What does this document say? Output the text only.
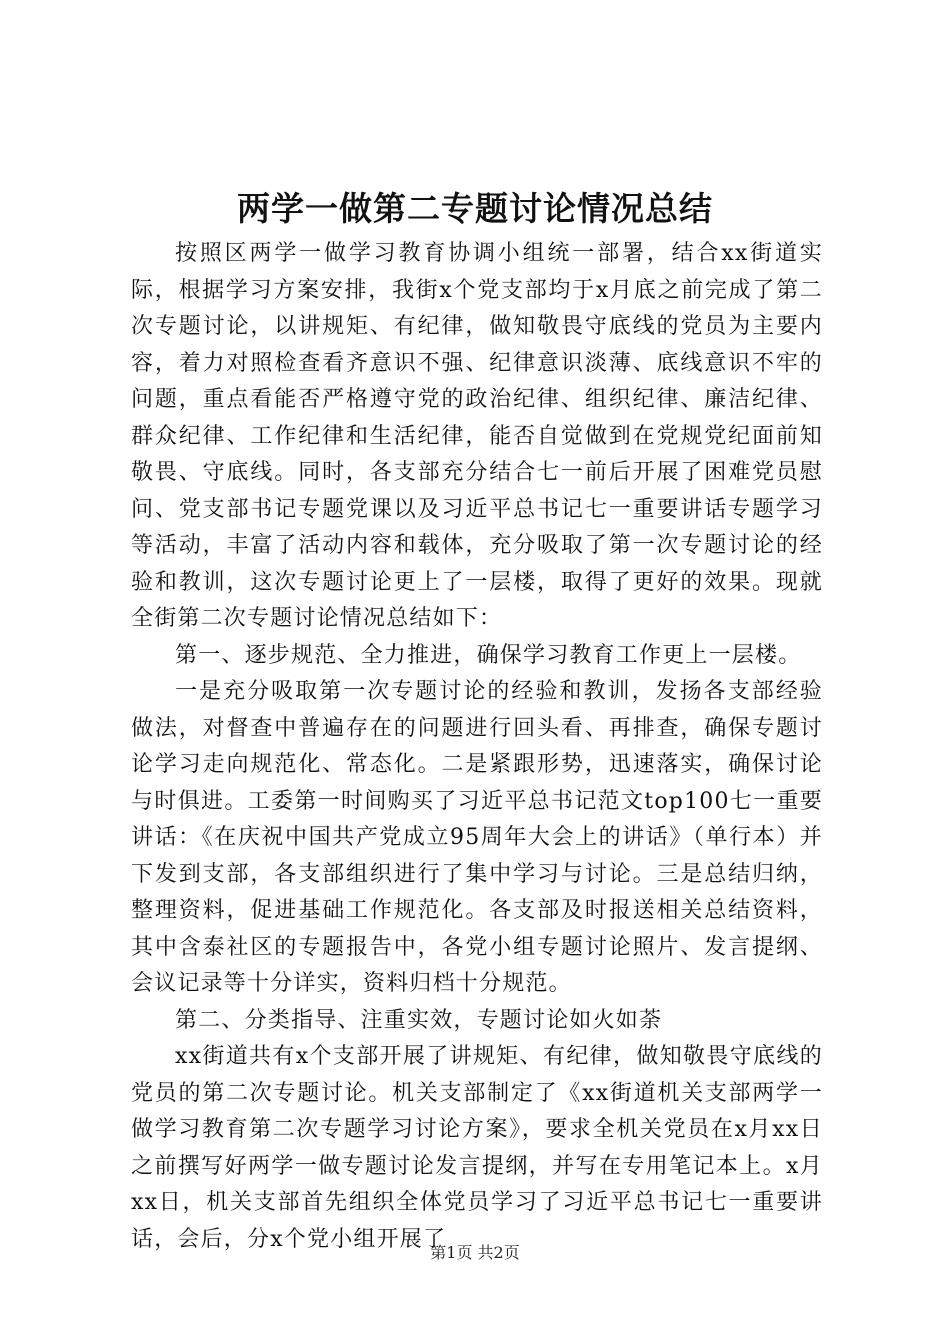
两学一做第二专题讨论情况总结

按照区两学一做学习教育协调小组统一部署，结合xx街道实际，根据学习方案安排，我街x个党支部均于x月底之前完成了第二次专题讨论，以讲规矩、有纪律，做知敬畏守底线的党员为主要内容，着力对照检查看齐意识不强、纪律意识淡薄、底线意识不牢的问题，重点看能否严格遵守党的政治纪律、组织纪律、廉洁纪律、群众纪律、工作纪律和生活纪律，能否自觉做到在党规党纪面前知敬畏、守底线。同时，各支部充分结合七一前后开展了困难党员慰问、党支部书记专题党课以及习近平总书记七一重要讲话专题学习等活动，丰富了活动内容和载体，充分吸取了第一次专题讨论的经验和教训，这次专题讨论更上了一层楼，取得了更好的效果。现就全街第二次专题讨论情况总结如下：

第一、逐步规范、全力推进，确保学习教育工作更上一层楼。

一是充分吸取第一次专题讨论的经验和教训，发扬各支部经验做法，对督查中普遍存在的问题进行回头看、再排查，确保专题讨论学习走向规范化、常态化。二是紧跟形势，迅速落实，确保讨论与时俱进。工委第一时间购买了习近平总书记范文top100七一重要讲话：《在庆祝中国共产党成立95周年大会上的讲话》（单行本）并下发到支部，各支部组织进行了集中学习与讨论。三是总结归纳，整理资料，促进基础工作规范化。各支部及时报送相关总结资料，其中含泰社区的专题报告中，各党小组专题讨论照片、发言提纲、会议记录等十分详实，资料归档十分规范。

第二、分类指导、注重实效，专题讨论如火如荼

xx街道共有x个支部开展了讲规矩、有纪律，做知敬畏守底线的党员的第二次专题讨论。机关支部制定了《xx街道机关支部两学一做学习教育第二次专题学习讨论方案》，要求全机关党员在x月xx日之前撰写好两学一做专题讨论发言提纲，并写在专用笔记本上。x月xx日，机关支部首先组织全体党员学习了习近平总书记七一重要讲话，会后，分x个党小组开展了

第1页 共2页
